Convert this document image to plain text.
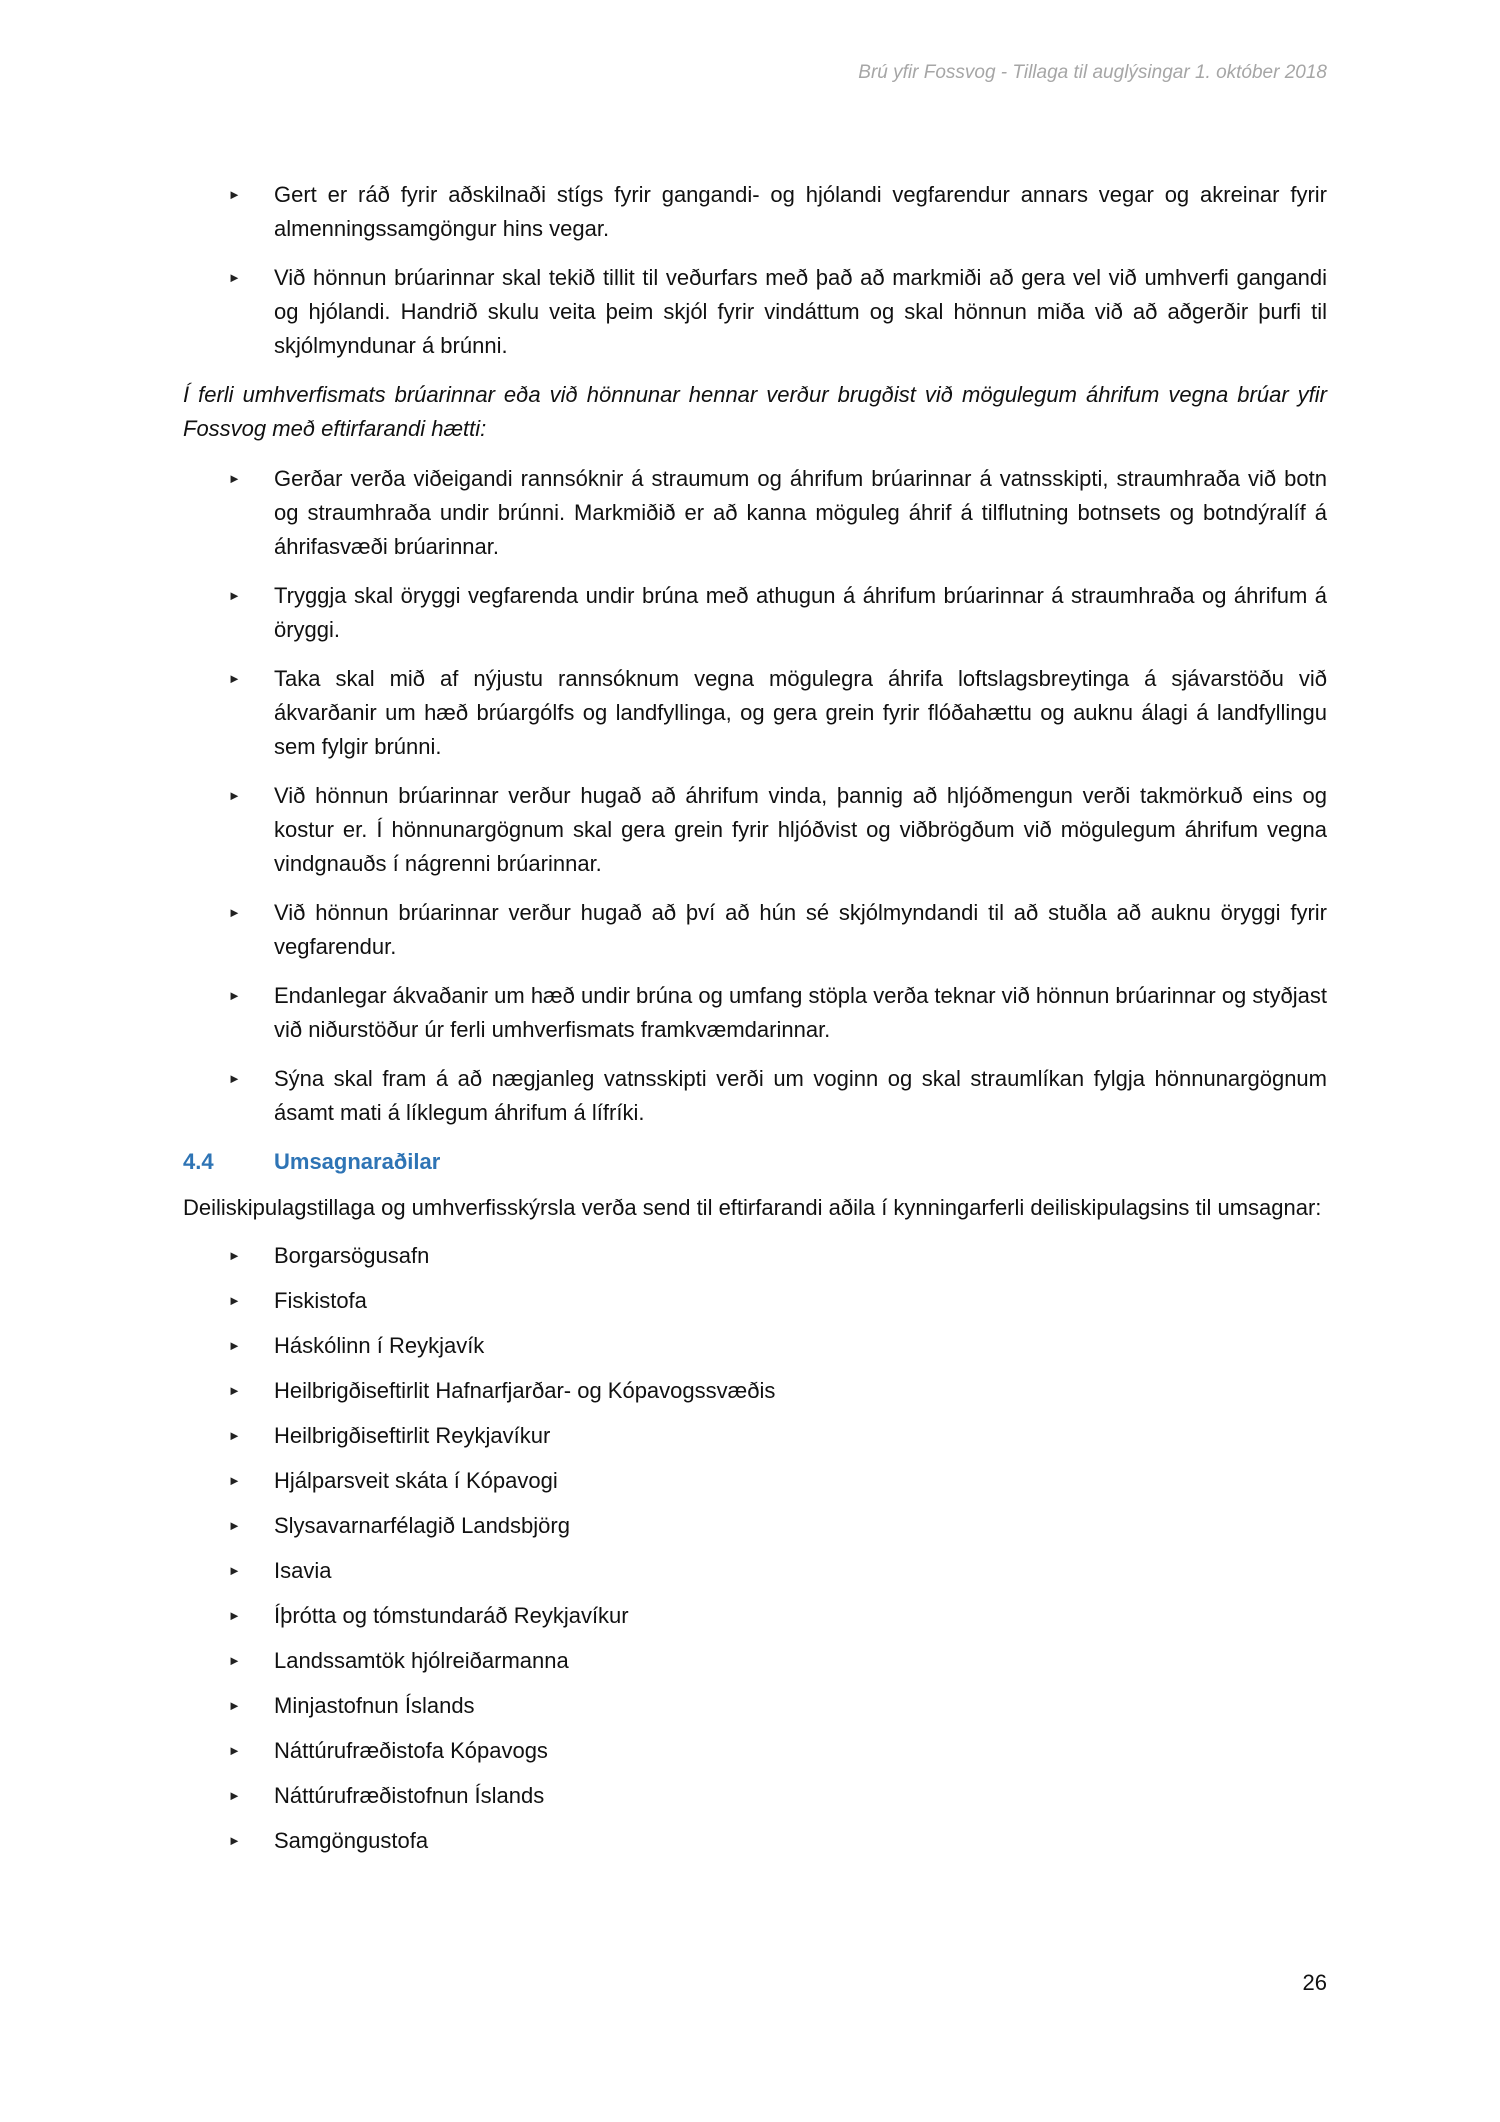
Brú yfir Fossvog - Tillaga til auglýsingar 1. október 2018
► Gert er ráð fyrir aðskilnaði stígs fyrir gangandi- og hjólandi vegfarendur annars vegar og akreinar fyrir almenningssamgöngur hins vegar.
► Við hönnun brúarinnar skal tekið tillit til veðurfars með það að markmiði að gera vel við umhverfi gangandi og hjólandi. Handrið skulu veita þeim skjól fyrir vindáttum og skal hönnun miða við að aðgerðir þurfi til skjólmyndunar á brúnni.

Í ferli umhverfismats brúarinnar eða við hönnunar hennar verður brugðist við mögulegum áhrifum vegna brúar yfir Fossvog með eftirfarandi hætti:

► Gerðar verða viðeigandi rannsóknir á straumum og áhrifum brúarinnar á vatnsskipti, straumhraða við botn og straumhraða undir brúnni. Markmiðið er að kanna möguleg áhrif á tilflutning botnsets og botndýralíf á áhrifasvæði brúarinnar.
► Tryggja skal öryggi vegfarenda undir brúna með athugun á áhrifum brúarinnar á straumhraða og áhrifum á öryggi.
► Taka skal mið af nýjustu rannsóknum vegna mögulegra áhrifa loftslagsbreytinga á sjávarstöðu við ákvarðanir um hæð brúargólfs og landfyllinga, og gera grein fyrir flóðahættu og auknu álagi á landfyllingu sem fylgir brúnni.
► Við hönnun brúarinnar verður hugað að áhrifum vinda, þannig að hljóðmengun verði takmörkuð eins og kostur er. Í hönnunargögnum skal gera grein fyrir hljóðvist og viðbrögðum við mögulegum áhrifum vegna vindgnauðs í nágrenni brúarinnar.
► Við hönnun brúarinnar verður hugað að því að hún sé skjólmyndandi til að stuðla að auknu öryggi fyrir vegfarendur.
► Endanlegar ákvaðanir um hæð undir brúna og umfang stöpla verða teknar við hönnun brúarinnar og styðjast við niðurstöður úr ferli umhverfismats framkvæmdarinnar.
► Sýna skal fram á að nægjanleg vatnsskipti verði um voginn og skal straumlíkan fylgja hönnunargögnum ásamt mati á líklegum áhrifum á lífríki.
4.4	Umsagnaraðilar

Deiliskipulagstillaga og umhverfisskýrsla verða send til eftirfarandi aðila í kynningarferli deiliskipulagsins til umsagnar:

► Borgarsögusafn
► Fiskistofa
► Háskólinn í Reykjavík
► Heilbrigðiseftirlit Hafnarfjarðar- og Kópavogssvæðis
► Heilbrigðiseftirlit Reykjavíkur
► Hjálparsveit skáta í Kópavogi
► Slysavarnarfélagið Landsbjörg
► Isavia
► Íþrótta og tómstundaráð Reykjavíkur
► Landssamtök hjólreiðarmanna
► Minjastofnun Íslands
► Náttúrufræðistofa Kópavogs
► Náttúrufræðistofnun Íslands
► Samgöngustofa
26
